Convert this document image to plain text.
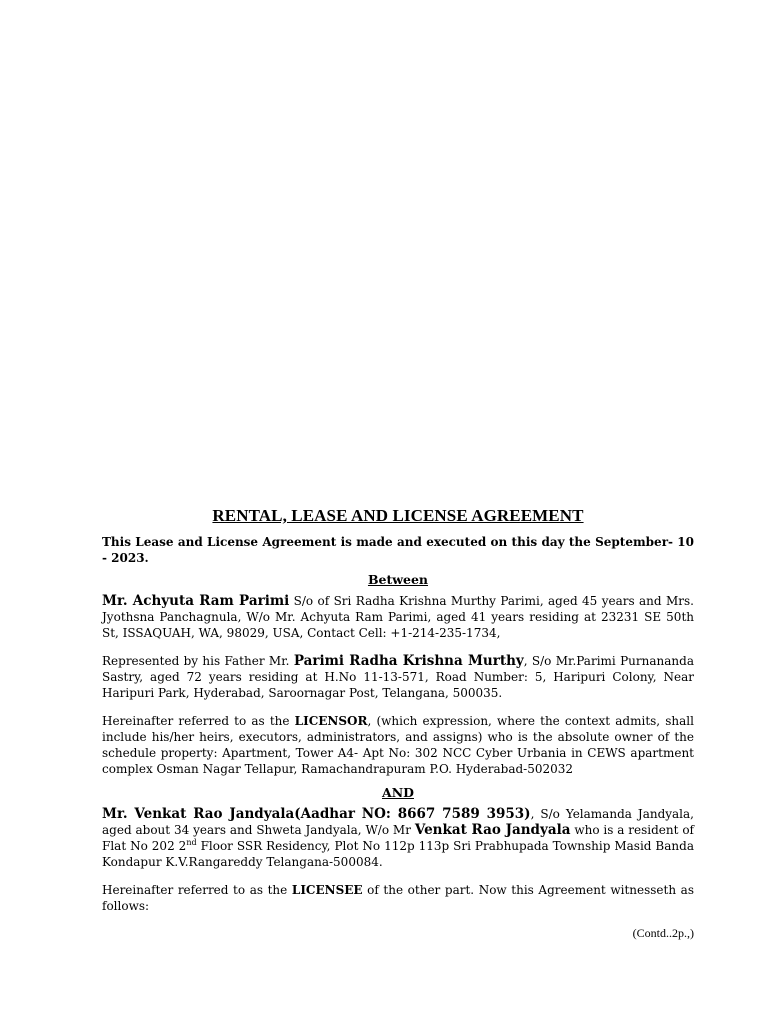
RENTAL, LEASE AND LICENSE AGREEMENT
This Lease and License Agreement is made and executed on this day the September- 10 - 2023.
Between
Mr. Achyuta Ram Parimi S/o of Sri Radha Krishna Murthy Parimi, aged 45 years and Mrs. Jyothsna Panchagnula, W/o Mr. Achyuta Ram Parimi, aged 41 years residing at 23231 SE 50th St, ISSAQUAH, WA, 98029, USA, Contact Cell: +1-214-235-1734,
Represented by his Father Mr. Parimi Radha Krishna Murthy, S/o Mr.Parimi Purnananda Sastry, aged 72 years residing at H.No 11-13-571, Road Number: 5, Haripuri Colony, Near Haripuri Park, Hyderabad, Saroornagar Post, Telangana, 500035.
Hereinafter referred to as the LICENSOR, (which expression, where the context admits, shall include his/her heirs, executors, administrators, and assigns) who is the absolute owner of the schedule property: Apartment, Tower A4- Apt No: 302 NCC Cyber Urbania in CEWS apartment complex Osman Nagar Tellapur, Ramachandrapuram P.O. Hyderabad-502032
AND
Mr. Venkat Rao Jandyala(Aadhar NO: 8667 7589 3953), S/o Yelamanda Jandyala, aged about 34 years and Shweta Jandyala, W/o Mr Venkat Rao Jandyala who is a resident of Flat No 202 2nd Floor SSR Residency, Plot No 112p 113p Sri Prabhupada Township Masid Banda Kondapur K.V.Rangareddy Telangana-500084.
Hereinafter referred to as the LICENSEE of the other part. Now this Agreement witnesseth as follows:
(Contd..2p.,)
